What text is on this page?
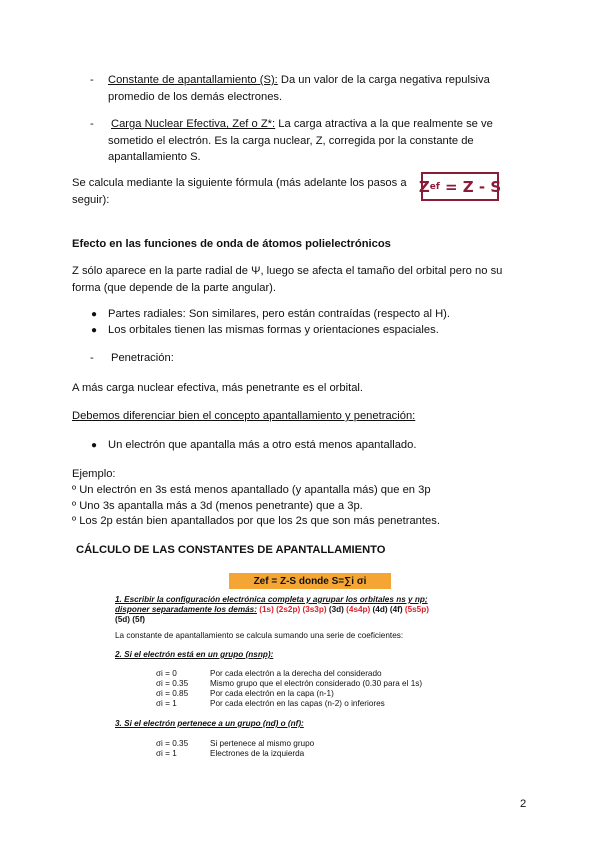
- Constante de apantallamiento (S): Da un valor de la carga negativa repulsiva
promedio de los demás electrones.
- Carga Nuclear Efectiva, Zef o Z*: La carga atractiva a la que realmente se ve
sometido el electrón. Es la carga nuclear, Z, corregida por la constante de
apantallamiento S.
Se calcula mediante la siguiente fórmula (más adelante los pasos a
seguir):
Z ef = Z - S
Efecto en las funciones de onda de átomos polielectrónicos
Z sólo aparece en la parte radial de Ψ, luego se afecta el tamaño del orbital pero no su
forma (que depende de la parte angular).
● Partes radiales: Son similares, pero están contraídas (respecto al H).
● Los orbitales tienen las mismas formas y orientaciones espaciales.
- Penetración:
A más carga nuclear efectiva, más penetrante es el orbital.
Debemos diferenciar bien el concepto apantallamiento y penetración:
● Un electrón que apantalla más a otro está menos apantallado.
Ejemplo:
º Un electrón en 3s está menos apantallado (y apantalla más) que en 3p
º Uno 3s apantalla más a 3d (menos penetrante) que a 3p.
º Los 2p están bien apantallados por que los 2s que son más penetrantes.
CÁLCULO DE LAS CONSTANTES DE APANTALLAMIENTO
Zef = Z-S donde S=∑i σi
1. Escribir la configuración electrónica completa y agrupar los orbitales ns y np;
disponer separadamente los demás: (1s) (2s2p) (3s3p) (3d) (4s4p) (4d) (4f) (5s5p)
(5d) (5f)
La constante de apantallamiento se calcula sumando una serie de coeficientes:
2. Si el electrón está en un grupo (nsnp):
σi = 0	Por cada electrón a la derecha del considerado
σi = 0.35	Mismo grupo que el electrón considerado (0.30 para el 1s)
σi = 0.85	Por cada electrón en la capa (n-1)
σi = 1	Por cada electrón en las capas (n-2) o inferiores
3. Si el electrón pertenece a un grupo (nd) o (nf):
σi = 0.35	Si pertenece al mismo grupo
σi = 1	Electrones de la izquierda
2
